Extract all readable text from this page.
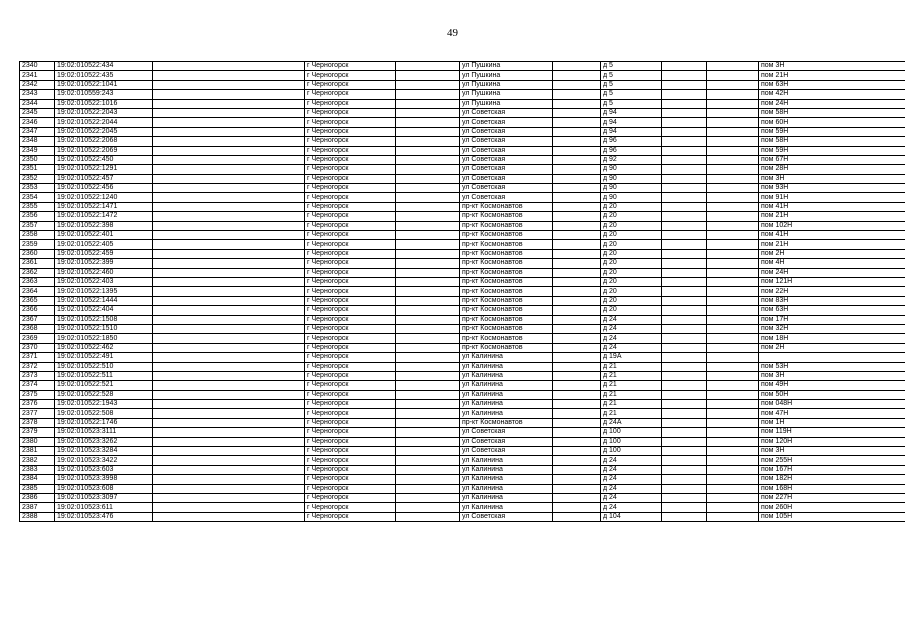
49
2340	19:02:010522:434		г Черногорск		ул Пушкина		д 5			пом 3Н
2341	19:02:010522:435		г Черногорск		ул Пушкина		д 5			пом 21Н
2342	19:02:010522:1041		г Черногорск		ул Пушкина		д 5			пом 63Н
2343	19:02:010559:243		г Черногорск		ул Пушкина		д 5			пом 42Н
2344	19:02:010522:1016		г Черногорск		ул Пушкина		д 5			пом 24Н
2345	19:02:010522:2043		г Черногорск		ул Советская		д 94			пом 58Н
2346	19:02:010522:2044		г Черногорск		ул Советская		д 94			пом 60Н
2347	19:02:010522:2045		г Черногорск		ул Советская		д 94			пом 59Н
2348	19:02:010522:2068		г Черногорск		ул Советская		д 96			пом 58Н
2349	19:02:010522:2069		г Черногорск		ул Советская		д 96			пом 59Н
2350	19:02:010522:450		г Черногорск		ул Советская		д 92			пом 67Н
2351	19:02:010522:1291		г Черногорск		ул Советская		д 90			пом 28Н
2352	19:02:010522:457		г Черногорск		ул Советская		д 90			пом 3Н
2353	19:02:010522:456		г Черногорск		ул Советская		д 90			пом 93Н
2354	19:02:010522:1240		г Черногорск		ул Советская		д 90			пом 91Н
2355	19:02:010522:1471		г Черногорск		пр-кт Космонавтов		д 20			пом 41Н
2356	19:02:010522:1472		г Черногорск		пр-кт Космонавтов		д 20			пом 21Н
2357	19:02:010522:398		г Черногорск		пр-кт Космонавтов		д 20			пом 102Н
2358	19:02:010522:401		г Черногорск		пр-кт Космонавтов		д 20			пом 41Н
2359	19:02:010522:405		г Черногорск		пр-кт Космонавтов		д 20			пом 21Н
2360	19:02:010522:459		г Черногорск		пр-кт Космонавтов		д 20			пом 2Н
2361	19:02:010522:399		г Черногорск		пр-кт Космонавтов		д 20			пом 4Н
2362	19:02:010522:460		г Черногорск		пр-кт Космонавтов		д 20			пом 24Н
2363	19:02:010522:403		г Черногорск		пр-кт Космонавтов		д 20			пом 121Н
2364	19:02:010522:1395		г Черногорск		пр-кт Космонавтов		д 20			пом 22Н
2365	19:02:010522:1444		г Черногорск		пр-кт Космонавтов		д 20			пом 83Н
2366	19:02:010522:404		г Черногорск		пр-кт Космонавтов		д 20			пом 63Н
2367	19:02:010522:1508		г Черногорск		пр-кт Космонавтов		д 24			пом 17Н
2368	19:02:010522:1510		г Черногорск		пр-кт Космонавтов		д 24			пом 32Н
2369	19:02:010522:1850		г Черногорск		пр-кт Космонавтов		д 24			пом 18Н
2370	19:02:010522:462		г Черногорск		пр-кт Космонавтов		д 24			пом 2Н
2371	19:02:010522:491		г Черногорск		ул Калинина		д 19А			
2372	19:02:010522:510		г Черногорск		ул Калинина		д 21			пом 53Н
2373	19:02:010522:511		г Черногорск		ул Калинина		д 21			пом 3Н
2374	19:02:010522:521		г Черногорск		ул Калинина		д 21			пом 49Н
2375	19:02:010522:528		г Черногорск		ул Калинина		д 21			пом 50Н
2376	19:02:010522:1943		г Черногорск		ул Калинина		д 21			пом 048Н
2377	19:02:010522:508		г Черногорск		ул Калинина		д 21			пом 47Н
2378	19:02:010522:1746		г Черногорск		пр-кт Космонавтов		д 24А			пом 1Н
2379	19:02:010523:3111		г Черногорск		ул Советская		д 100			пом 119Н
2380	19:02:010523:3262		г Черногорск		ул Советская		д 100			пом 120Н
2381	19:02:010523:3284		г Черногорск		ул Советская		д 100			пом 3Н
2382	19:02:010523:3422		г Черногорск		ул Калинина		д 24			пом 255Н
2383	19:02:010523:603		г Черногорск		ул Калинина		д 24			пом 167Н
2384	19:02:010523:3998		г Черногорск		ул Калинина		д 24			пом 182Н
2385	19:02:010523:608		г Черногорск		ул Калинина		д 24			пом 168Н
2386	19:02:010523:3097		г Черногорск		ул Калинина		д 24			пом 227Н
2387	19:02:010523:611		г Черногорск		ул Калинина		д 24			пом 260Н
2388	19:02:010523:476		г Черногорск		ул Советская		д 104			пом 105Н
